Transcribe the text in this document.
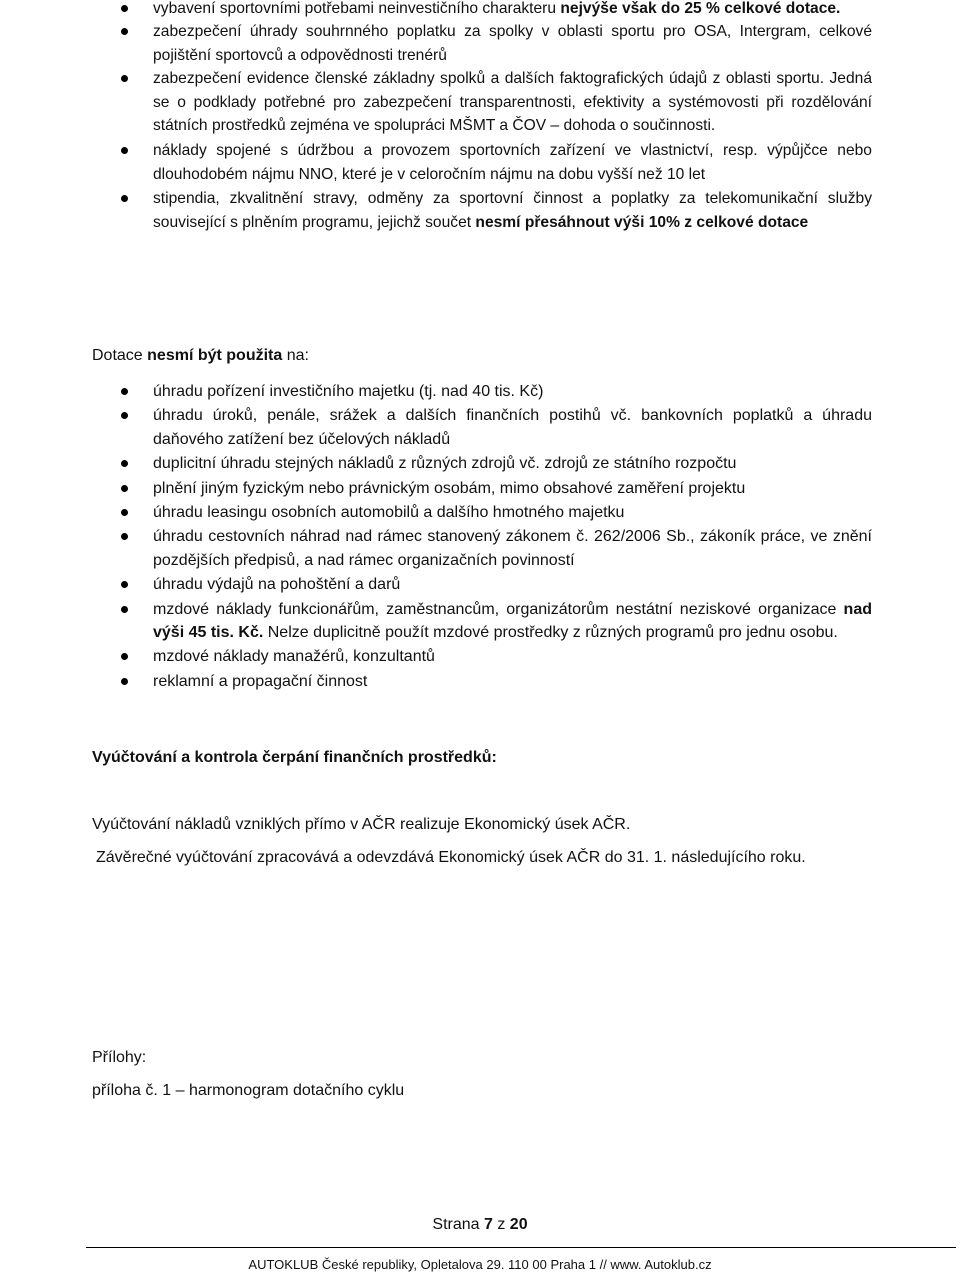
vybavení sportovními potřebami neinvestičního charakteru nejvýše však do 25 % celkové dotace.
zabezpečení úhrady souhrnného poplatku za spolky v oblasti sportu pro OSA, Intergram, celkové pojištění sportovců a odpovědnosti trenérů
zabezpečení evidence členské základny spolků a dalších faktografických údajů z oblasti sportu. Jedná se o podklady potřebné pro zabezpečení transparentnosti, efektivity a systémovosti při rozdělování státních prostředků zejména ve spolupráci MŠMT a ČOV – dohoda o součinnosti.
náklady spojené s údržbou a provozem sportovních zařízení ve vlastnictví, resp. výpůjčce nebo dlouhodobém nájmu NNO, které je v celoročním nájmu na dobu vyšší než 10 let
stipendia, zkvalitnění stravy, odměny za sportovní činnost a poplatky za telekomunikační služby související s plněním programu, jejichž součet nesmí přesáhnout výši 10% z celkové dotace
Dotace nesmí být použita na:
úhradu pořízení investičního majetku (tj. nad 40 tis. Kč)
úhradu úroků, penále, srážek a dalších finančních postihů vč. bankovních poplatků a úhradu daňového zatížení bez účelových nákladů
duplicitní úhradu stejných nákladů z různých zdrojů vč. zdrojů ze státního rozpočtu
plnění jiným fyzickým nebo právnickým osobám, mimo obsahové zaměření projektu
úhradu leasingu osobních automobilů a dalšího hmotného majetku
úhradu cestovních náhrad nad rámec stanovený zákonem č. 262/2006 Sb., zákoník práce, ve znění pozdějších předpisů, a nad rámec organizačních povinností
úhradu výdajů na pohoštění a darů
mzdové náklady funkcionářům, zaměstnancům, organizátorům nestátní neziskové organizace nad výši 45 tis. Kč. Nelze duplicitně použít mzdové prostředky z různých programů pro jednu osobu.
mzdové náklady manažérů, konzultantů
reklamní a propagační činnost
Vyúčtování a kontrola čerpání finančních prostředků:
Vyúčtování nákladů vzniklých přímo v AČR realizuje Ekonomický úsek AČR.
Závěrečné vyúčtování zpracovává a odevzdává Ekonomický úsek AČR do 31. 1. následujícího roku.
Přílohy:
příloha č. 1 – harmonogram dotačního cyklu
Strana 7 z 20
AUTOKLUB České republiky, Opletalova 29. 110 00 Praha 1 // www. Autoklub.cz
